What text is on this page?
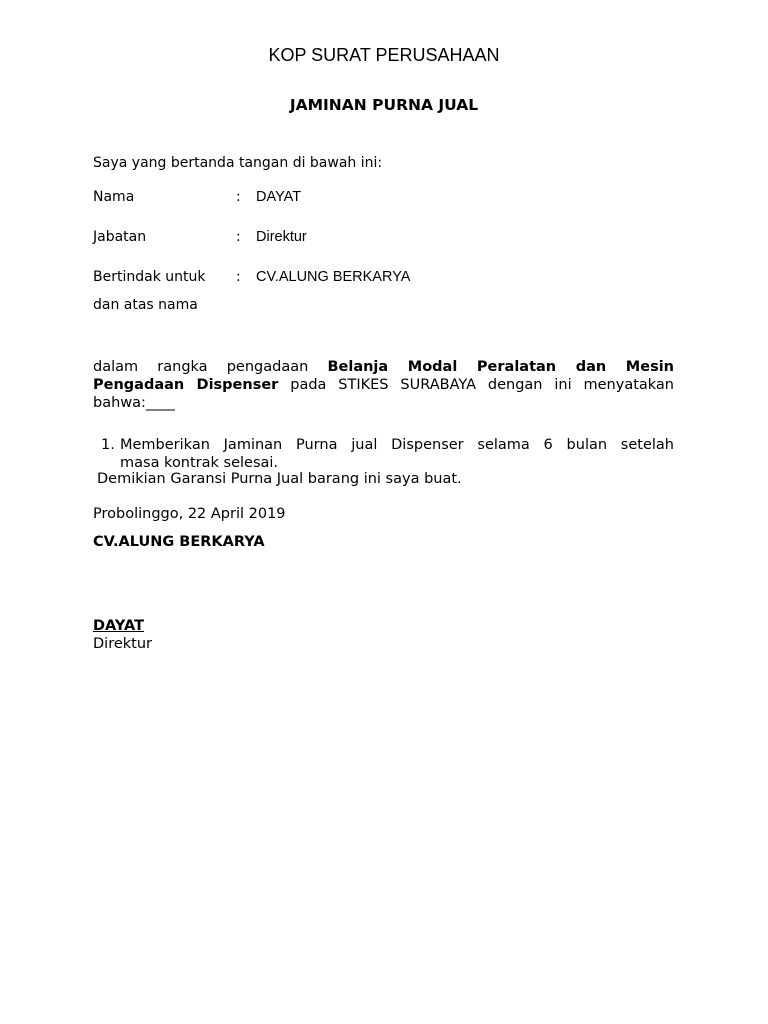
KOP SURAT PERUSAHAAN
JAMINAN PURNA JUAL
Saya yang bertanda tangan di bawah ini:
Nama	: DAYAT
Jabatan	: Direktur
Bertindak untuk : CV.ALUNG BERKARYA
dan atas nama
dalam rangka pengadaan Belanja Modal Peralatan dan Mesin
Pengadaan Dispenser pada STIKES SURABAYA dengan ini menyatakan
bahwa:____
1. Memberikan Jaminan Purna jual Dispenser selama 6 bulan setelah
masa kontrak selesai.
Demikian Garansi Purna Jual barang ini saya buat.
Probolinggo, 22 April 2019
CV.ALUNG BERKARYA
DAYAT
Direktur
